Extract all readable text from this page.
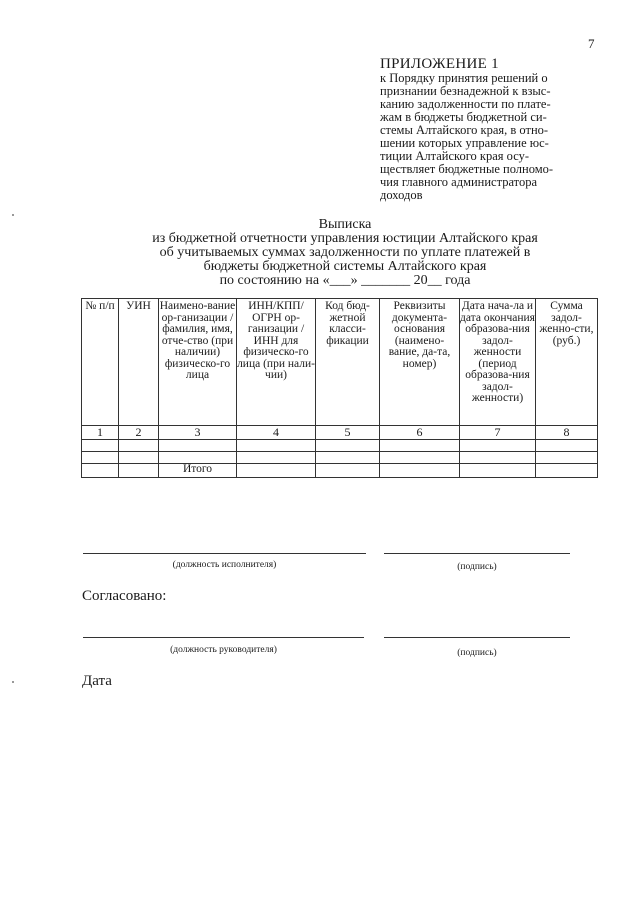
7
ПРИЛОЖЕНИЕ 1
к Порядку принятия решений о
признании безнадежной к взыс-
канию задолженности по плате-
жам в бюджеты бюджетной си-
стемы Алтайского края, в отно-
шении которых управление юс-
тиции Алтайского края осу-
ществляет бюджетные полномо-
чия главного администратора
доходов
Выписка
из бюджетной отчетности управления юстиции Алтайского края
об учитываемых суммах задолженности по уплате платежей в
бюджеты бюджетной системы Алтайского края
по состоянию на «___» _______ 20__ года
№ п/п	УИН	Наимено-вание ор-ганизации / фамилия, имя, отче-ство (при наличии) физическо-го лица	ИНН/КПП/ ОГРН ор-ганизации / ИНН для физическо-го лица (при нали-чии)	Код бюд-жетной класси-фикации	Реквизиты документа-основания (наимено-вание, да-та, номер)	Дата нача-ла и дата окончания образова-ния задол-женности (период образова-ния задол-женности)	Сумма задол-женно-сти, (руб.)
1	2	3	4	5	6	7	8

		Итого					
(должность исполнителя)	(подпись)
Согласовано:
(должность руководителя)	(подпись)
Дата
